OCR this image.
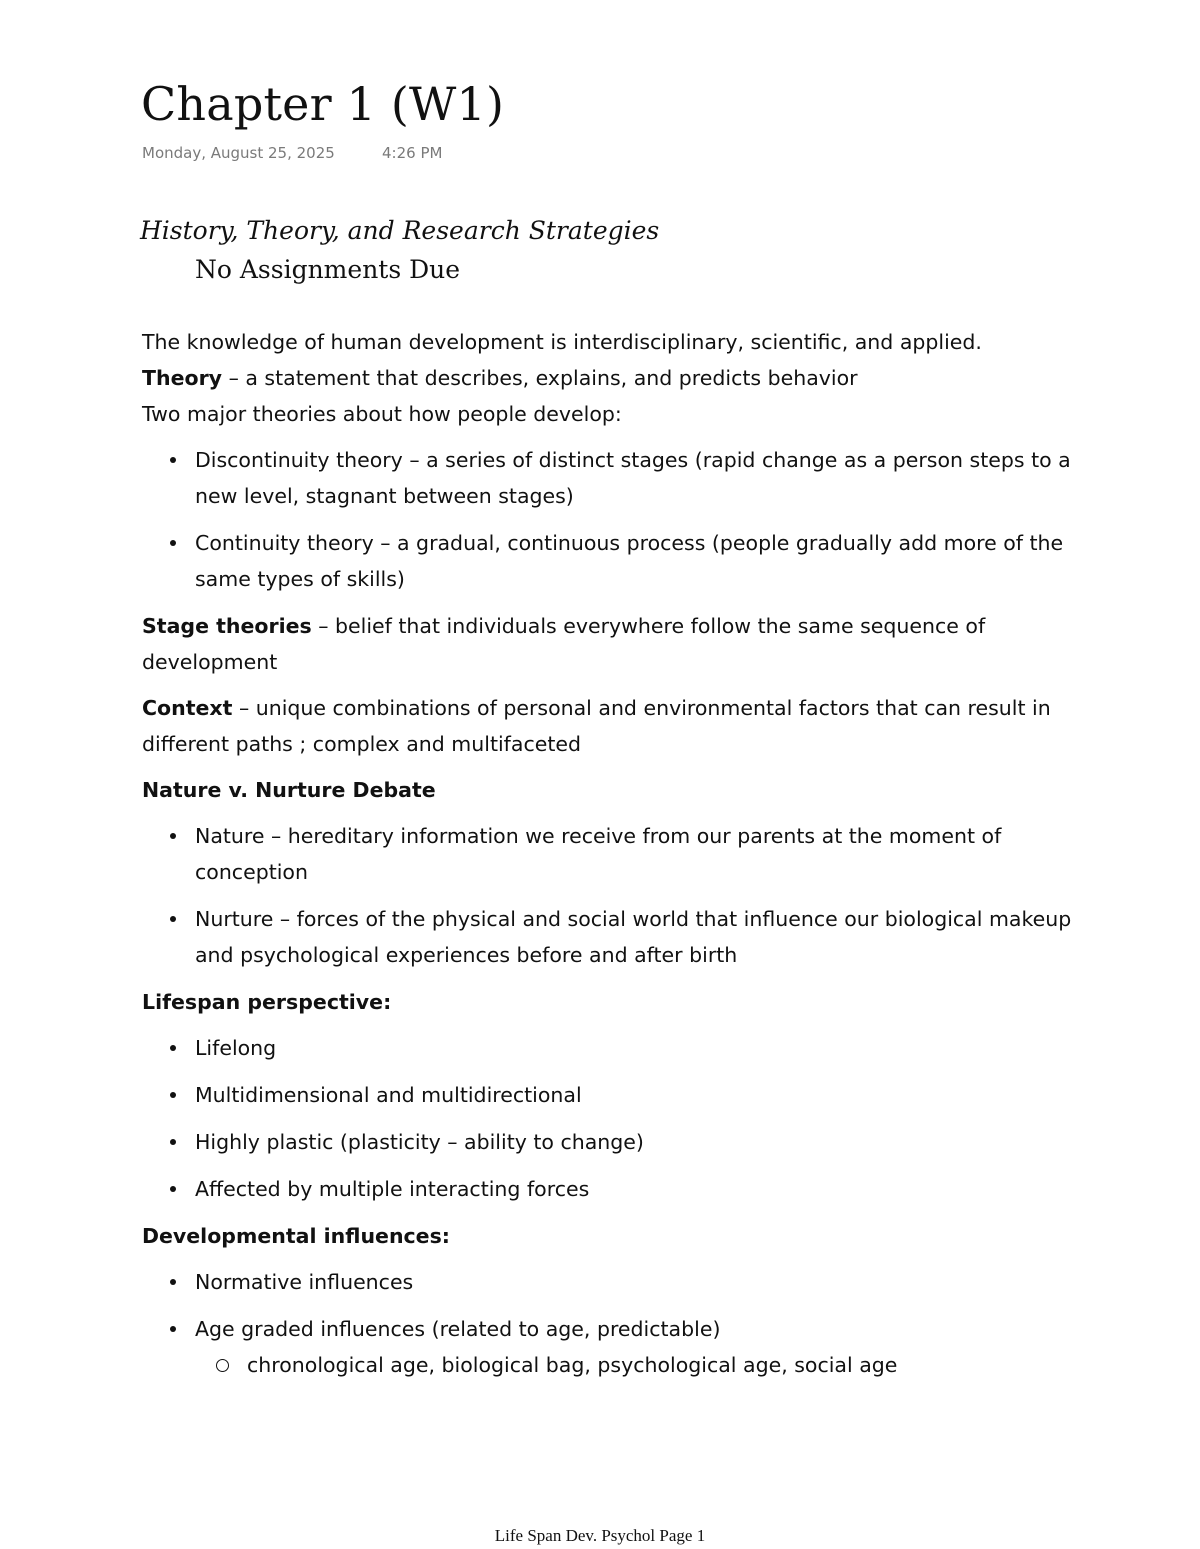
Chapter 1 (W1)
Monday, August 25, 2025	4:26 PM
History, Theory, and Research Strategies
No Assignments Due

The knowledge of human development is interdisciplinary, scientific, and applied.

Theory – a statement that describes, explains, and predicts behavior

Two major theories about how people develop:

Discontinuity theory – a series of distinct stages (rapid change as a person steps to a new level, stagnant between stages)
Continuity theory – a gradual, continuous process (people gradually add more of the same types of skills)

Stage theories – belief that individuals everywhere follow the same sequence of development

Context – unique combinations of personal and environmental factors that can result in different paths ; complex and multifaceted

Nature v. Nurture Debate

Nature – hereditary information we receive from our parents at the moment of conception
Nurture – forces of the physical and social world that influence our biological makeup and psychological experiences before and after birth

Lifespan perspective:

Lifelong
Multidimensional and multidirectional
Highly plastic (plasticity – ability to change)
Affected by multiple interacting forces

Developmental influences:

Normative influences
Age graded influences (related to age, predictable)
chronological age, biological bag, psychological age, social age
Life Span Dev. Psychol Page 1
